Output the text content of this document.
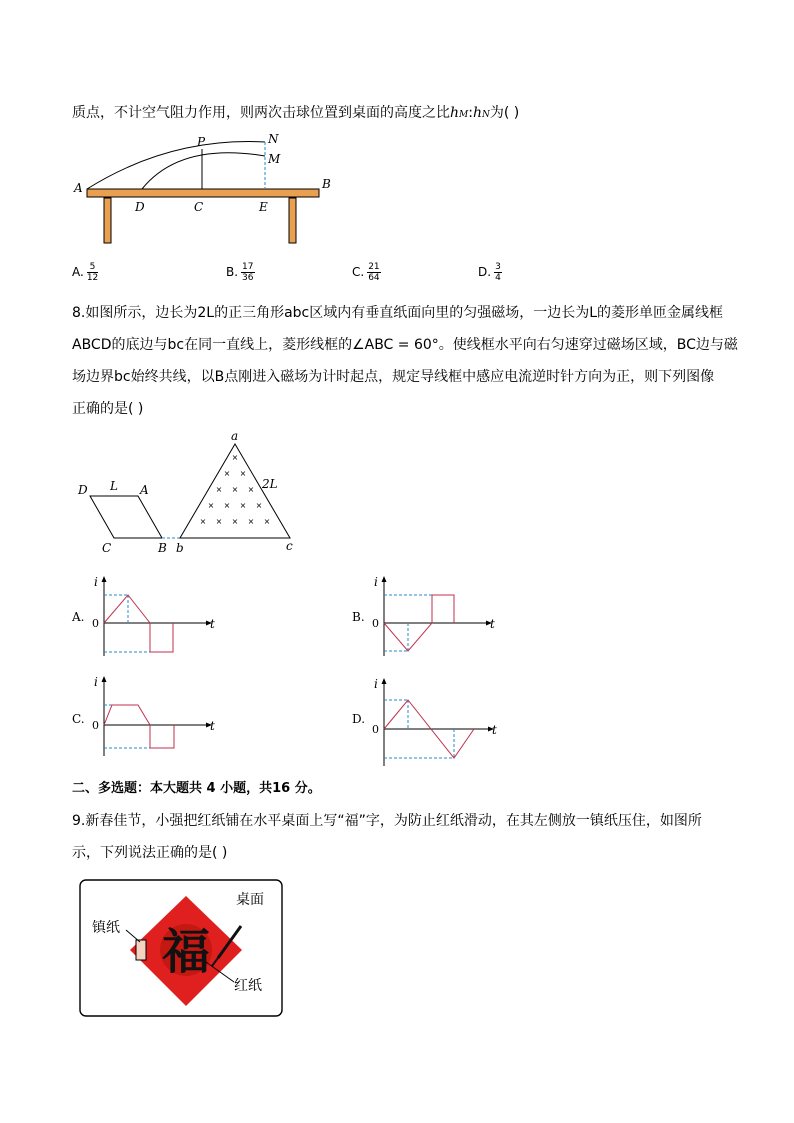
质点，不计空气阻力作用，则两次击球位置到桌面的高度之比hM:hN为( )
A	B
P	N
M
D	C	E
A. $\frac{5}{12}$	B. $\frac{17}{36}$	C. $\frac{21}{64}$	D. $\frac{3}{4}$
8.如图所示，边长为2L的正三角形abc区域内有垂直纸面向里的匀强磁场，一边长为L的菱形单匝金属线框
ABCD的底边与bc在同一直线上，菱形线框的∠ABC = 60°。使线框水平向右匀速穿过磁场区域，BC边与磁
场边界bc始终共线，以B点刚进入磁场为计时起点，规定导线框中感应电流逆时针方向为正，则下列图像
正确的是( )
×
× ×
× × ×
× × × ×
× × × × ×
D L A
C	B
a
2L
b	c
A.
i
t
0	B.
i
t
0
C.
i
t
0	D.
i
t
0
二、多选题：本大题共 4 小题，共16 分。
9.新春佳节，小强把红纸铺在水平桌面上写“福”字，为防止红纸滑动，在其左侧放一镇纸压住，如图所
示，下列说法正确的是( )
福
桌面
镇纸
红纸
